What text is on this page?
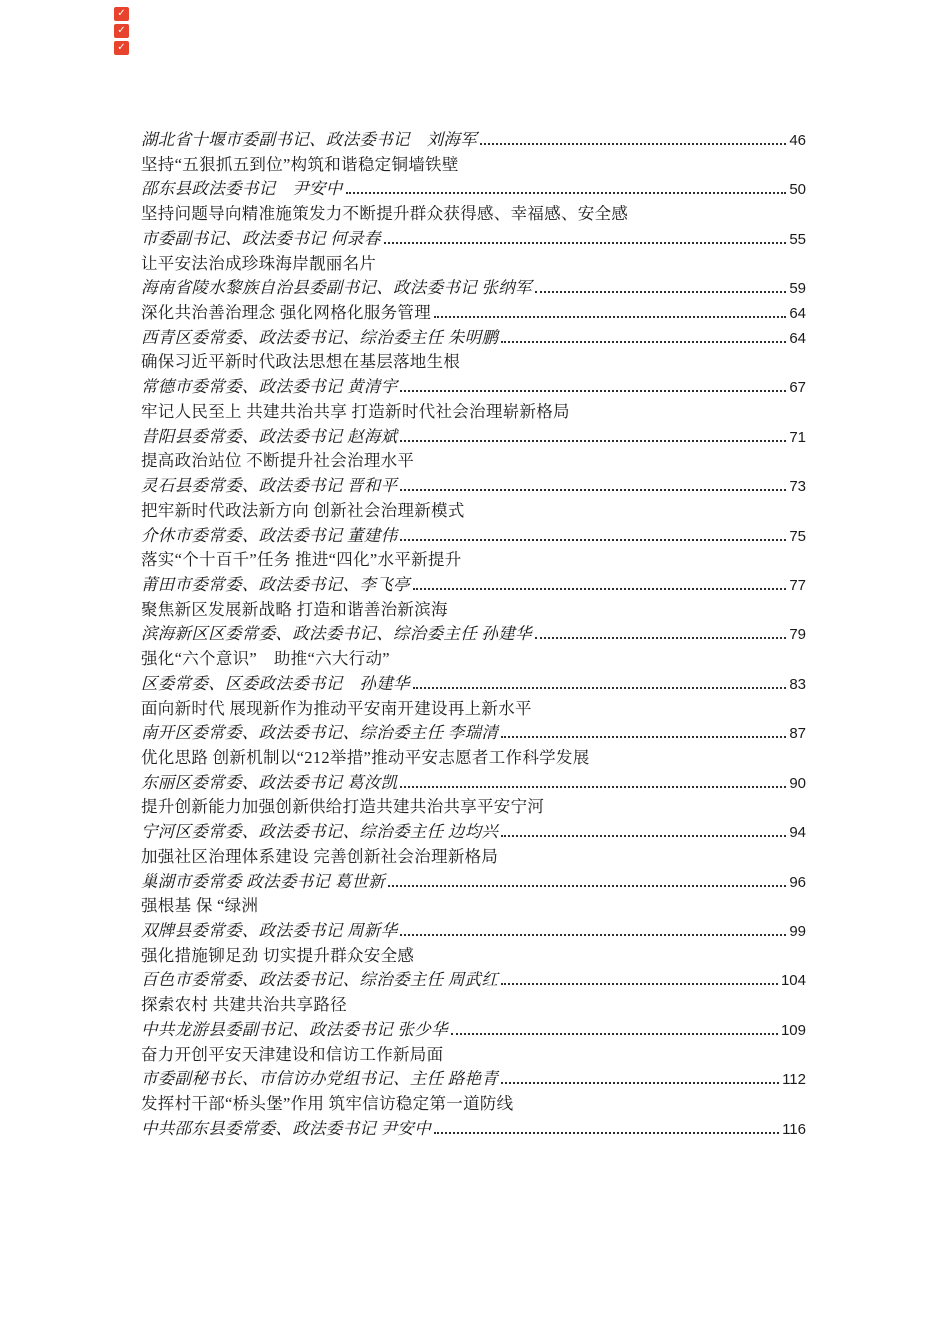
✓
✓
✓
湖北省十堰市委副书记、政法委书记　刘海军	46
坚持“五狠抓五到位”构筑和谐稳定铜墙铁壁
邵东县政法委书记　尹安中	50
坚持问题导向精准施策发力不断提升群众获得感、幸福感、安全感
市委副书记、政法委书记 何录春	55
让平安法治成珍珠海岸靓丽名片
海南省陵水黎族自治县委副书记、政法委书记 张纳军	59
深化共治善治理念 强化网格化服务管理	64
西青区委常委、政法委书记、综治委主任 朱明鹏	64
确保习近平新时代政法思想在基层落地生根
常德市委常委、政法委书记 黄清宇	67
牢记人民至上 共建共治共享 打造新时代社会治理崭新格局
昔阳县委常委、政法委书记 赵海斌	71
提高政治站位 不断提升社会治理水平
灵石县委常委、政法委书记 晋和平	73
把牢新时代政法新方向 创新社会治理新模式
介休市委常委、政法委书记 董建伟	75
落实“个十百千”任务 推进“四化”水平新提升
莆田市委常委、政法委书记、李飞亭	77
聚焦新区发展新战略 打造和谐善治新滨海
滨海新区区委常委、政法委书记、综治委主任 孙建华	79
强化“六个意识”　助推“六大行动”
区委常委、区委政法委书记　孙建华	83
面向新时代 展现新作为推动平安南开建设再上新水平
南开区委常委、政法委书记、综治委主任 李瑞清	87
优化思路 创新机制以“212举措”推动平安志愿者工作科学发展
东丽区委常委、政法委书记 葛汝凯	90
提升创新能力加强创新供给打造共建共治共享平安宁河
宁河区委常委、政法委书记、综治委主任 边均兴	94
加强社区治理体系建设 完善创新社会治理新格局
巢湖市委常委 政法委书记 葛世新	96
强根基 保 “绿洲
双牌县委常委、政法委书记 周新华	99
强化措施铆足劲 切实提升群众安全感
百色市委常委、政法委书记、综治委主任 周武红	104
探索农村 共建共治共享路径
中共龙游县委副书记、政法委书记 张少华	109
奋力开创平安天津建设和信访工作新局面
市委副秘书长、市信访办党组书记、主任 路艳青	112
发挥村干部“桥头堡”作用 筑牢信访稳定第一道防线
中共邵东县委常委、政法委书记 尹安中	116
